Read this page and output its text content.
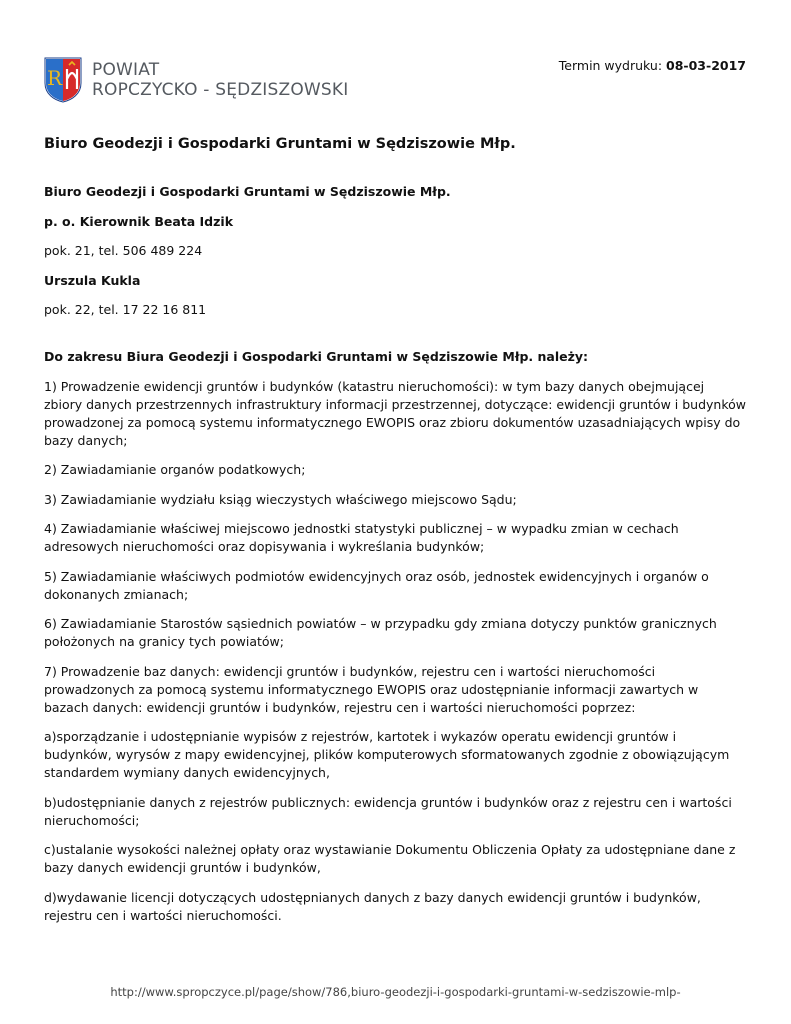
R POWIAT
ROPCZYCKO - SĘDZISZOWSKI
Termin wydruku: 08-03-2017
Biuro Geodezji i Gospodarki Gruntami w Sędziszowie Młp.

Biuro Geodezji i Gospodarki Gruntami w Sędziszowie Młp.

p. o. Kierownik Beata Idzik

pok. 21, tel. 506 489 224

Urszula Kukla

pok. 22, tel. 17 22 16 811

Do zakresu Biura Geodezji i Gospodarki Gruntami w Sędziszowie Młp. należy:

1) Prowadzenie ewidencji gruntów i budynków (katastru nieruchomości): w tym bazy danych obejmującej zbiory danych przestrzennych infrastruktury informacji przestrzennej, dotyczące: ewidencji gruntów i budynków prowadzonej za pomocą systemu informatycznego EWOPIS oraz zbioru dokumentów uzasadniających wpisy do bazy danych;

2) Zawiadamianie organów podatkowych;

3) Zawiadamianie wydziału ksiąg wieczystych właściwego miejscowo Sądu;

4) Zawiadamianie właściwej miejscowo jednostki statystyki publicznej – w wypadku zmian w cechach adresowych nieruchomości oraz dopisywania i wykreślania budynków;

5) Zawiadamianie właściwych podmiotów ewidencyjnych oraz osób, jednostek ewidencyjnych i organów o dokonanych zmianach;

6) Zawiadamianie Starostów sąsiednich powiatów – w przypadku gdy zmiana dotyczy punktów granicznych położonych na granicy tych powiatów;

7) Prowadzenie baz danych: ewidencji gruntów i budynków, rejestru cen i wartości nieruchomości prowadzonych za pomocą systemu informatycznego EWOPIS oraz udostępnianie informacji zawartych w bazach danych: ewidencji gruntów i budynków, rejestru cen i wartości nieruchomości poprzez:

a)sporządzanie i udostępnianie wypisów z rejestrów, kartotek i wykazów operatu ewidencji gruntów i budynków, wyrysów z mapy ewidencyjnej, plików komputerowych sformatowanych zgodnie z obowiązującym standardem wymiany danych ewidencyjnych,

b)udostępnianie danych z rejestrów publicznych: ewidencja gruntów i budynków oraz z rejestru cen i wartości nieruchomości;

c)ustalanie wysokości należnej opłaty oraz wystawianie Dokumentu Obliczenia Opłaty za udostępniane dane z bazy danych ewidencji gruntów i budynków,

d)wydawanie licencji dotyczących udostępnianych danych z bazy danych ewidencji gruntów i budynków, rejestru cen i wartości nieruchomości.

http://www.spropczyce.pl/page/show/786,biuro-geodezji-i-gospodarki-gruntami-w-sedziszowie-mlp-
